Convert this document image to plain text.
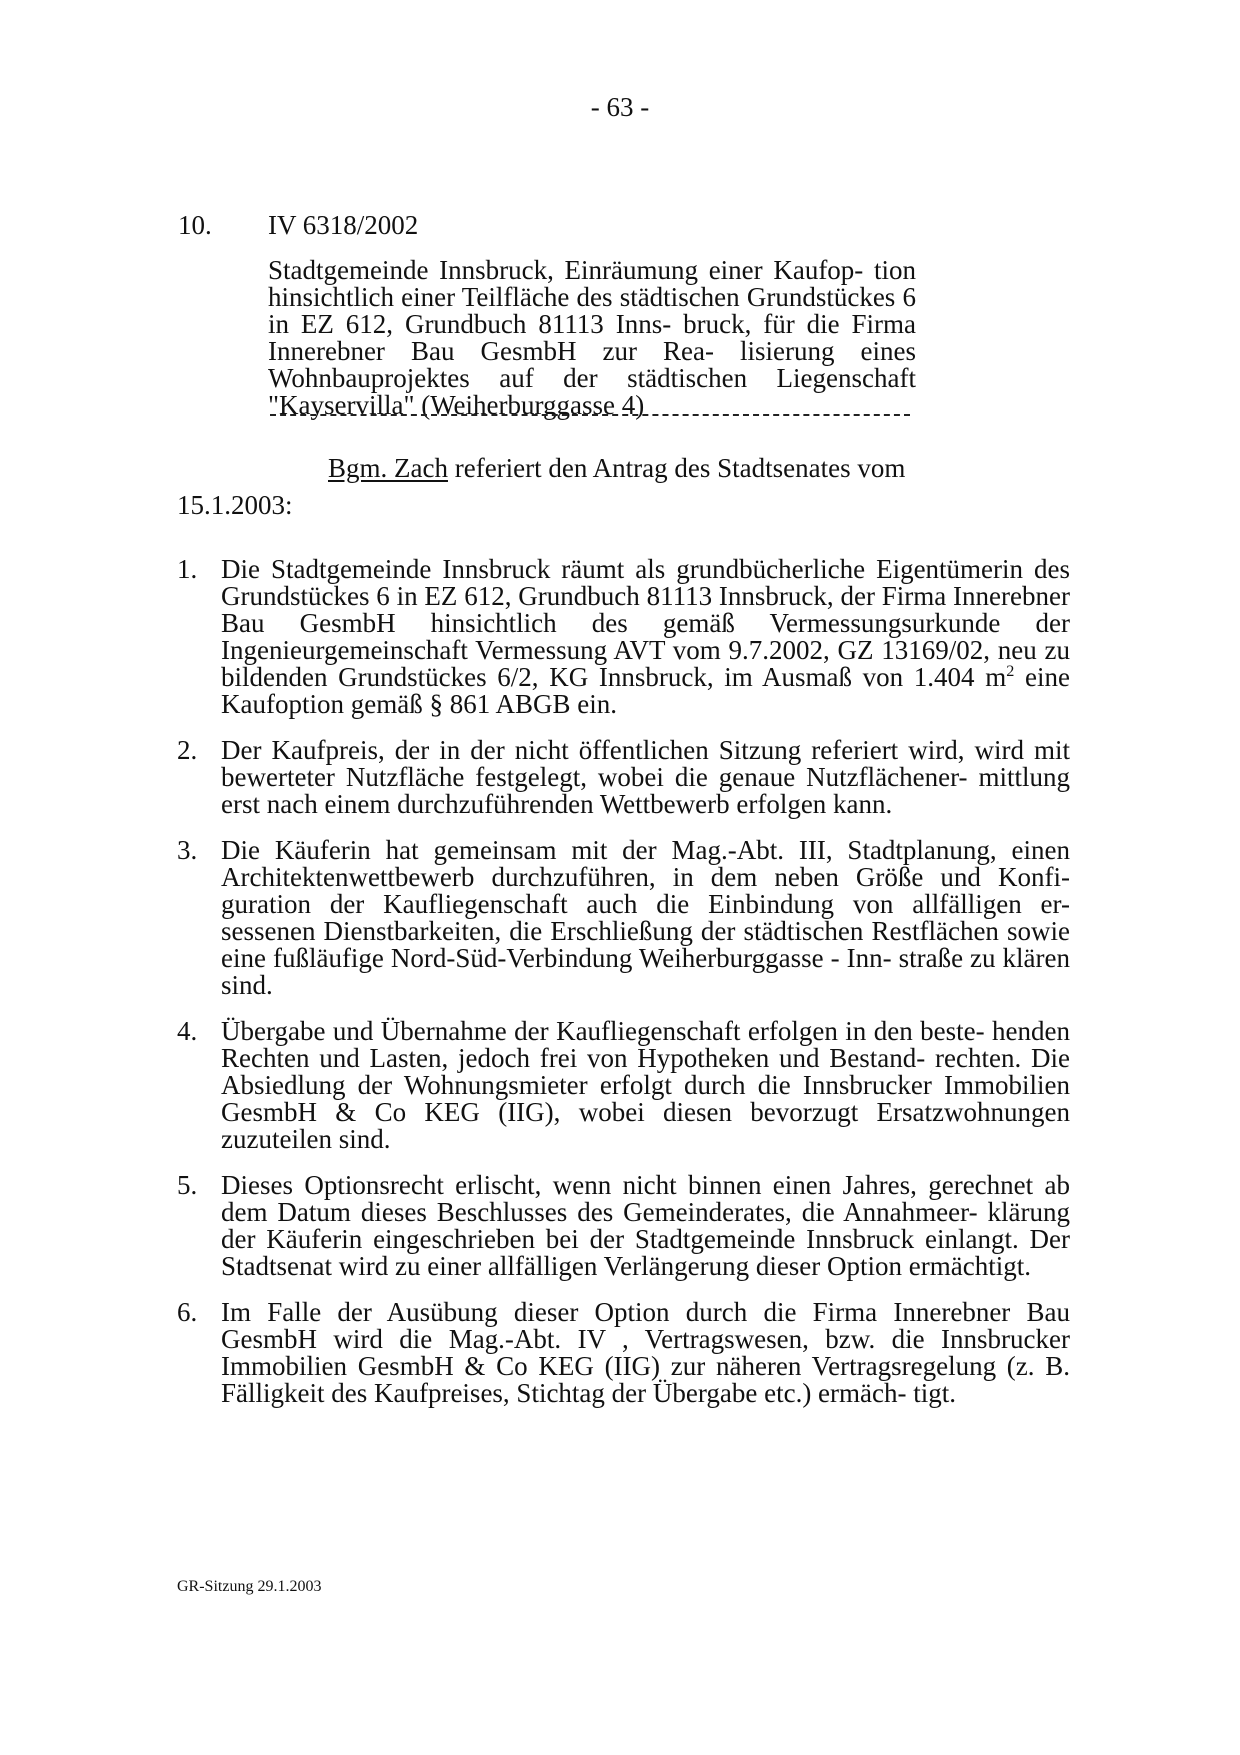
- 63 -
10. IV 6318/2002
Stadtgemeinde Innsbruck, Einräumung einer Kaufop- tion hinsichtlich einer Teilfläche des städtischen Grundstückes 6 in EZ 612, Grundbuch 81113 Inns- bruck, für die Firma Innerebner Bau GesmbH zur Rea- lisierung eines Wohnbauprojektes auf der städtischen Liegenschaft "Kayservilla" (Weiherburggasse 4)
Bgm. Zach referiert den Antrag des Stadtsenates vom
15.1.2003:
1. Die Stadtgemeinde Innsbruck räumt als grundbücherliche Eigentümerin des Grundstückes 6 in EZ 612, Grundbuch 81113 Innsbruck, der Firma Innerebner Bau GesmbH hinsichtlich des gemäß Vermessungsurkunde der Ingenieurgemeinschaft Vermessung AVT vom 9.7.2002, GZ 13169/02, neu zu bildenden Grundstückes 6/2, KG Innsbruck, im Ausmaß von 1.404 $m^2$ eine Kaufoption gemäß § 861 ABGB ein.
2. Der Kaufpreis, der in der nicht öffentlichen Sitzung referiert wird, wird mit bewerteter Nutzfläche festgelegt, wobei die genaue Nutzflächener- mittlung erst nach einem durchzuführenden Wettbewerb erfolgen kann.
3. Die Käuferin hat gemeinsam mit der Mag.-Abt. III, Stadtplanung, einen Architektenwettbewerb durchzuführen, in dem neben Größe und Konfi- guration der Kaufliegenschaft auch die Einbindung von allfälligen er- sessenen Dienstbarkeiten, die Erschließung der städtischen Restflächen sowie eine fußläufige Nord-Süd-Verbindung Weiherburggasse - Inn- straße zu klären sind.
4. Übergabe und Übernahme der Kaufliegenschaft erfolgen in den beste- henden Rechten und Lasten, jedoch frei von Hypotheken und Bestand- rechten. Die Absiedlung der Wohnungsmieter erfolgt durch die Innsbrucker Immobilien GesmbH & Co KEG (IIG), wobei diesen bevorzugt Ersatzwohnungen zuzuteilen sind.
5. Dieses Optionsrecht erlischt, wenn nicht binnen einen Jahres, gerechnet ab dem Datum dieses Beschlusses des Gemeinderates, die Annahmeer- klärung der Käuferin eingeschrieben bei der Stadtgemeinde Innsbruck einlangt. Der Stadtsenat wird zu einer allfälligen Verlängerung dieser Option ermächtigt.
6. Im Falle der Ausübung dieser Option durch die Firma Innerebner Bau GesmbH wird die Mag.-Abt. IV , Vertragswesen, bzw. die Innsbrucker Immobilien GesmbH & Co KEG (IIG) zur näheren Vertragsregelung (z. B. Fälligkeit des Kaufpreises, Stichtag der Übergabe etc.) ermäch- tigt.
GR-Sitzung 29.1.2003
